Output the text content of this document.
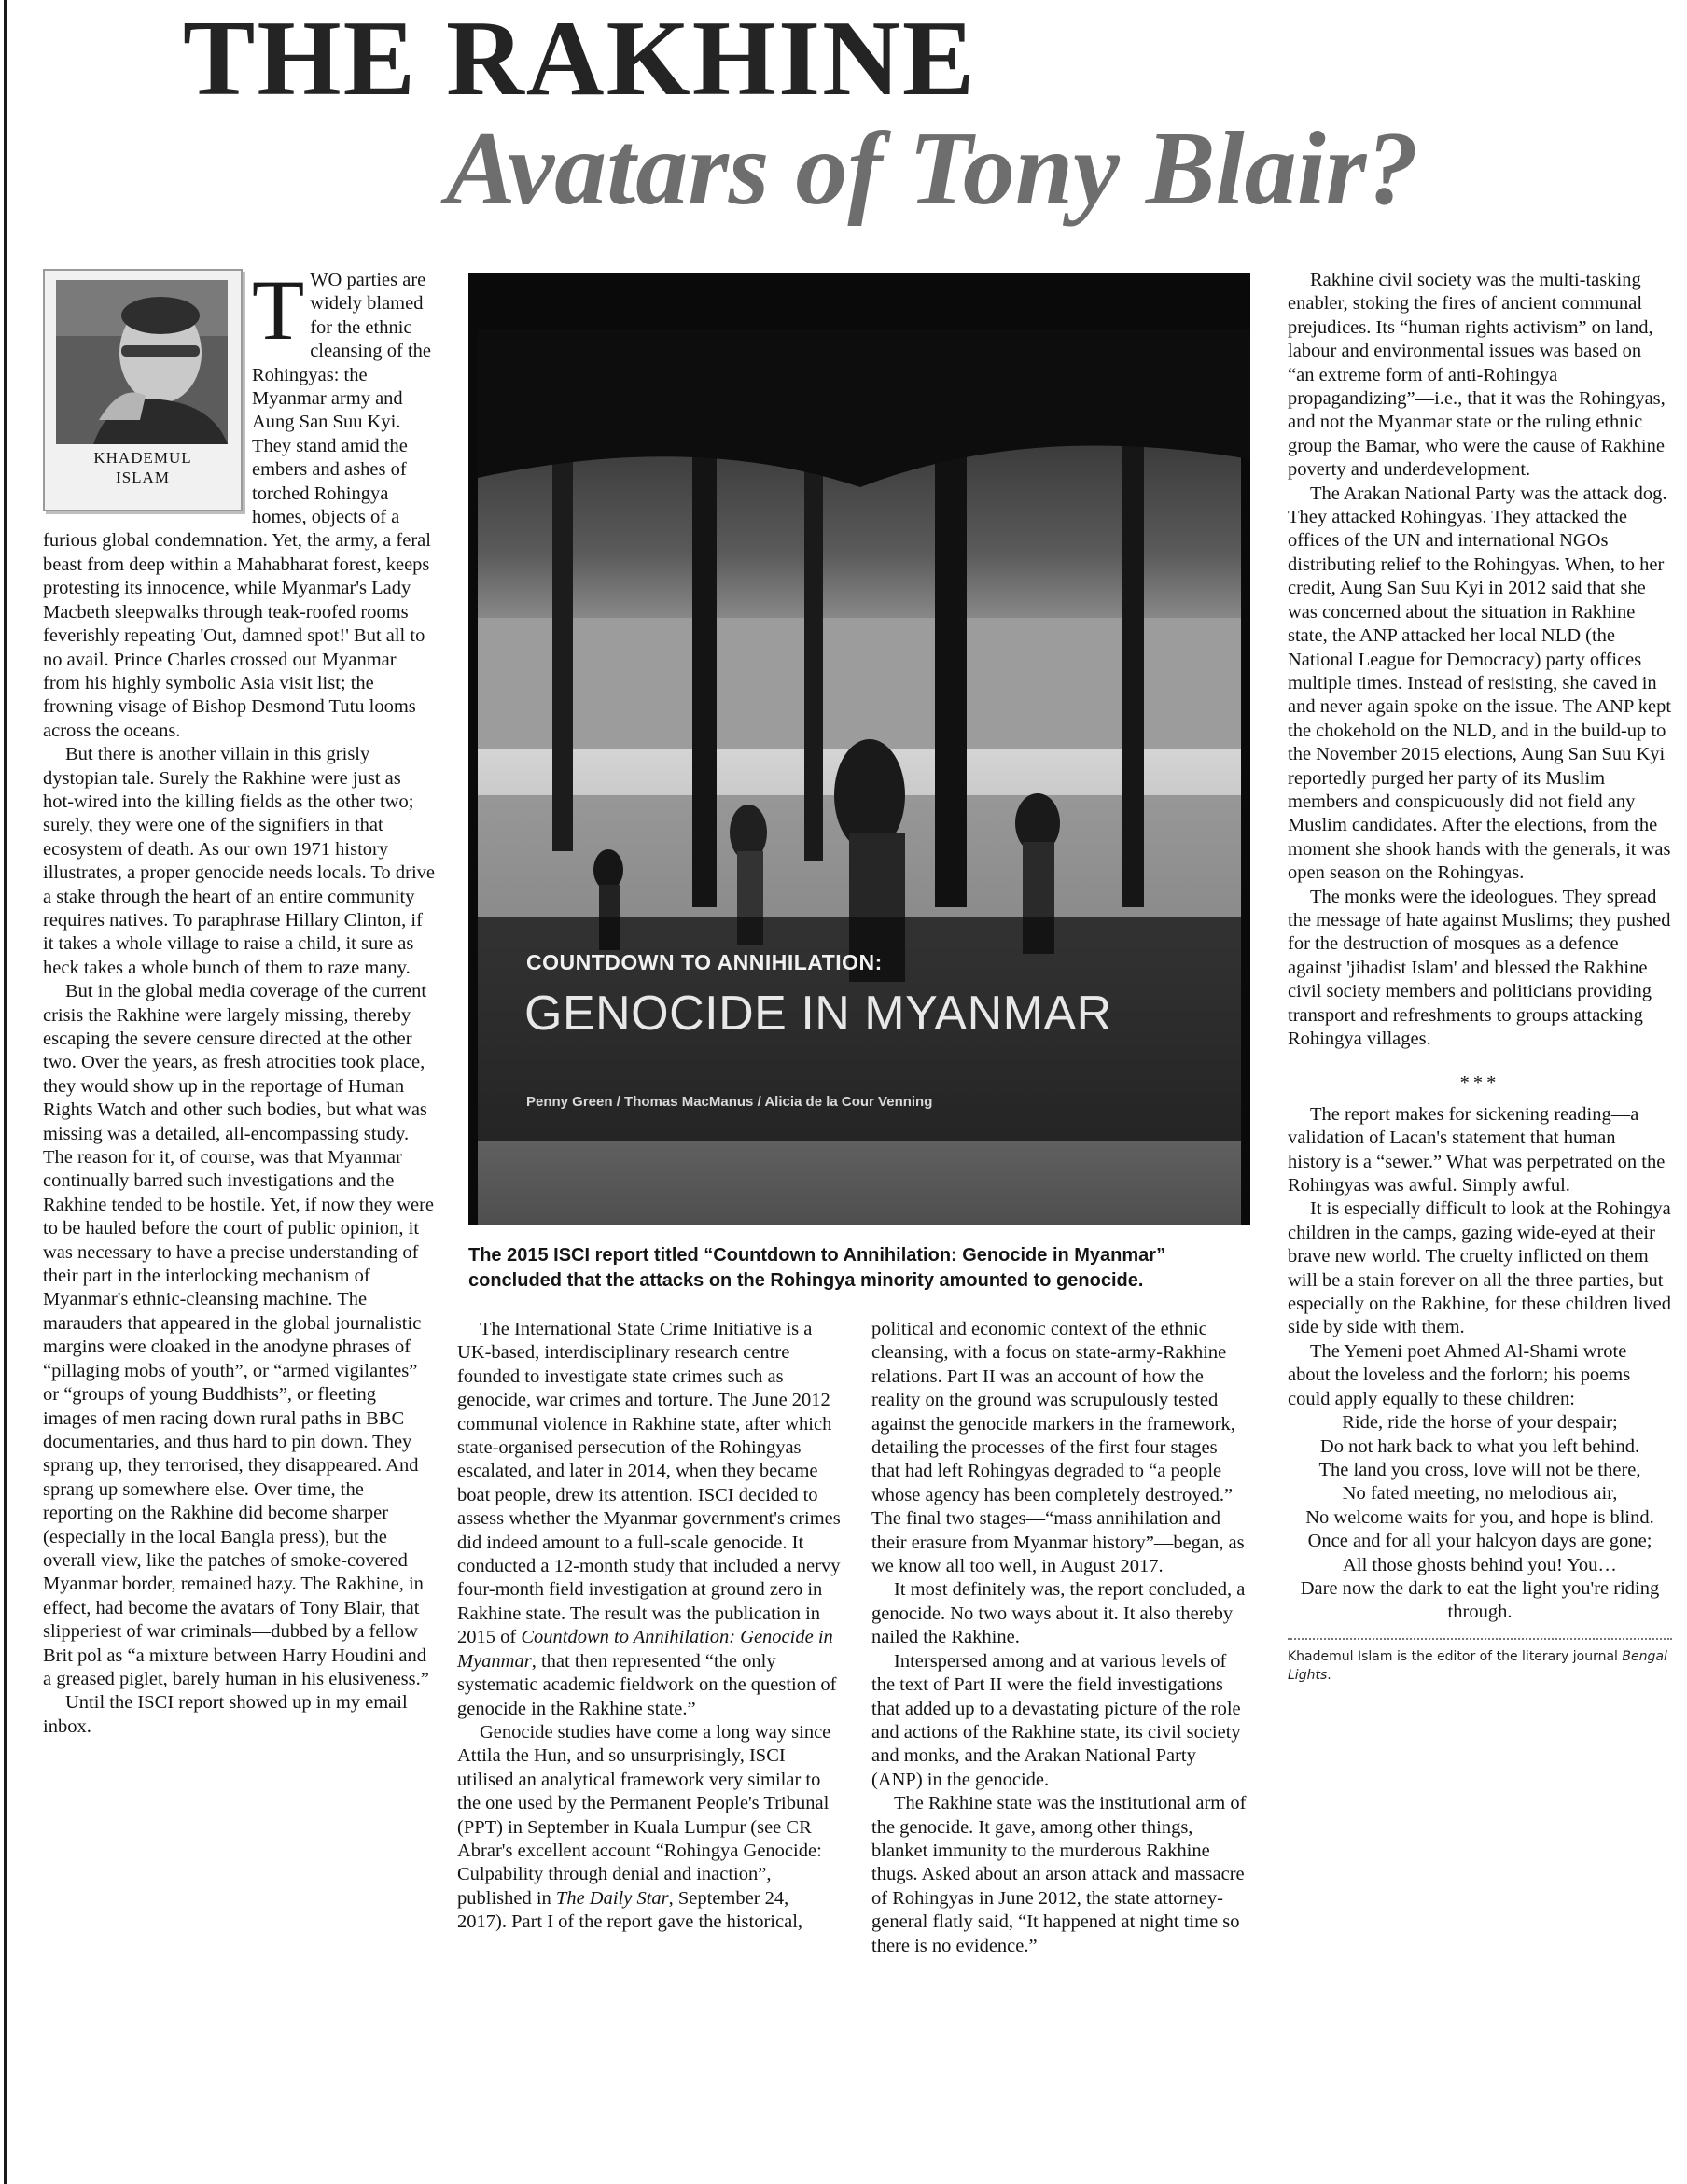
THE RAKHINE
Avatars of Tony Blair?
KHADEMUL
ISLAM
T WO parties are widely blamed for the ethnic cleansing of the Rohingyas: the Myanmar army and Aung San Suu Kyi. They stand amid the embers and ashes of torched Rohingya homes, objects of a furious global condemnation. Yet, the army, a feral beast from deep within a Mahabharat forest, keeps protesting its innocence, while Myanmar's Lady Macbeth sleepwalks through teak-roofed rooms feverishly repeating 'Out, damned spot!' But all to no avail. Prince Charles crossed out Myanmar from his highly symbolic Asia visit list; the frowning visage of Bishop Desmond Tutu looms across the oceans.

But there is another villain in this grisly dystopian tale. Surely the Rakhine were just as hot-wired into the killing fields as the other two; surely, they were one of the signifiers in that ecosystem of death. As our own 1971 history illustrates, a proper genocide needs locals. To drive a stake through the heart of an entire community requires natives. To paraphrase Hillary Clinton, if it takes a whole village to raise a child, it sure as heck takes a whole bunch of them to raze many.

But in the global media coverage of the current crisis the Rakhine were largely missing, thereby escaping the severe censure directed at the other two. Over the years, as fresh atrocities took place, they would show up in the reportage of Human Rights Watch and other such bodies, but what was missing was a detailed, all-encompassing study. The reason for it, of course, was that Myanmar continually barred such investigations and the Rakhine tended to be hostile. Yet, if now they were to be hauled before the court of public opinion, it was necessary to have a precise understanding of their part in the interlocking mechanism of Myanmar's ethnic-cleansing machine. The marauders that appeared in the global journalistic margins were cloaked in the anodyne phrases of “pillaging mobs of youth”, or “armed vigilantes” or “groups of young Buddhists”, or fleeting images of men racing down rural paths in BBC documentaries, and thus hard to pin down. They sprang up, they terrorised, they disappeared. And sprang up somewhere else. Over time, the reporting on the Rakhine did become sharper (especially in the local Bangla press), but the overall view, like the patches of smoke-covered Myanmar border, remained hazy. The Rakhine, in effect, had become the avatars of Tony Blair, that slipperiest of war criminals—dubbed by a fellow Brit pol as “a mixture between Harry Houdini and a greased piglet, barely human in his elusiveness.”

Until the ISCI report showed up in my email inbox.

COUNTDOWN TO ANNIHILATION:
GENOCIDE IN MYANMAR
Penny Green / Thomas MacManus / Alicia de la Cour Venning
The 2015 ISCI report titled “Countdown to Annihilation: Genocide in Myanmar” concluded that the attacks on the Rohingya minority amounted to genocide.

The International State Crime Initiative is a UK-based, interdisciplinary research centre founded to investigate state crimes such as genocide, war crimes and torture. The June 2012 communal violence in Rakhine state, after which state-organised persecution of the Rohingyas escalated, and later in 2014, when they became boat people, drew its attention. ISCI decided to assess whether the Myanmar government's crimes did indeed amount to a full-scale genocide. It conducted a 12-month study that included a nervy four-month field investigation at ground zero in Rakhine state. The result was the publication in 2015 of Countdown to Annihilation: Genocide in Myanmar, that then represented “the only systematic academic fieldwork on the question of genocide in the Rakhine state.”

Genocide studies have come a long way since Attila the Hun, and so unsurprisingly, ISCI utilised an analytical framework very similar to the one used by the Permanent People's Tribunal (PPT) in September in Kuala Lumpur (see CR Abrar's excellent account “Rohingya Genocide: Culpability through denial and inaction”, published in The Daily Star, September 24, 2017). Part I of the report gave the historical,

political and economic context of the ethnic cleansing, with a focus on state-army-Rakhine relations. Part II was an account of how the reality on the ground was scrupulously tested against the genocide markers in the framework, detailing the processes of the first four stages that had left Rohingyas degraded to “a people whose agency has been completely destroyed.” The final two stages—“mass annihilation and their erasure from Myanmar history”—began, as we know all too well, in August 2017.

It most definitely was, the report concluded, a genocide. No two ways about it. It also thereby nailed the Rakhine.

Interspersed among and at various levels of the text of Part II were the field investigations that added up to a devastating picture of the role and actions of the Rakhine state, its civil society and monks, and the Arakan National Party (ANP) in the genocide.

The Rakhine state was the institutional arm of the genocide. It gave, among other things, blanket immunity to the murderous Rakhine thugs. Asked about an arson attack and massacre of Rohingyas in June 2012, the state attorney-general flatly said, “It happened at night time so there is no evidence.”

Rakhine civil society was the multi-tasking enabler, stoking the fires of ancient communal prejudices. Its “human rights activism” on land, labour and environmental issues was based on “an extreme form of anti-Rohingya propagandizing”—i.e., that it was the Rohingyas, and not the Myanmar state or the ruling ethnic group the Bamar, who were the cause of Rakhine poverty and underdevelopment.

The Arakan National Party was the attack dog. They attacked Rohingyas. They attacked the offices of the UN and international NGOs distributing relief to the Rohingyas. When, to her credit, Aung San Suu Kyi in 2012 said that she was concerned about the situation in Rakhine state, the ANP attacked her local NLD (the National League for Democracy) party offices multiple times. Instead of resisting, she caved in and never again spoke on the issue. The ANP kept the chokehold on the NLD, and in the build-up to the November 2015 elections, Aung San Suu Kyi reportedly purged her party of its Muslim members and conspicuously did not field any Muslim candidates. After the elections, from the moment she shook hands with the generals, it was open season on the Rohingyas.

The monks were the ideologues. They spread the message of hate against Muslims; they pushed for the destruction of mosques as a defence against 'jihadist Islam' and blessed the Rakhine civil society members and politicians providing transport and refreshments to groups attacking Rohingya villages.

***

The report makes for sickening reading—a validation of Lacan's statement that human history is a “sewer.” What was perpetrated on the Rohingyas was awful. Simply awful.

It is especially difficult to look at the Rohingya children in the camps, gazing wide-eyed at their brave new world. The cruelty inflicted on them will be a stain forever on all the three parties, but especially on the Rakhine, for these children lived side by side with them.

The Yemeni poet Ahmed Al-Shami wrote about the loveless and the forlorn; his poems could apply equally to these children:

Ride, ride the horse of your despair;
Do not hark back to what you left behind.
The land you cross, love will not be there,
No fated meeting, no melodious air,
No welcome waits for you, and hope is blind.
Once and for all your halcyon days are gone;
All those ghosts behind you! You…
Dare now the dark to eat the light you're riding through.

Khademul Islam is the editor of the literary journal Bengal Lights.
